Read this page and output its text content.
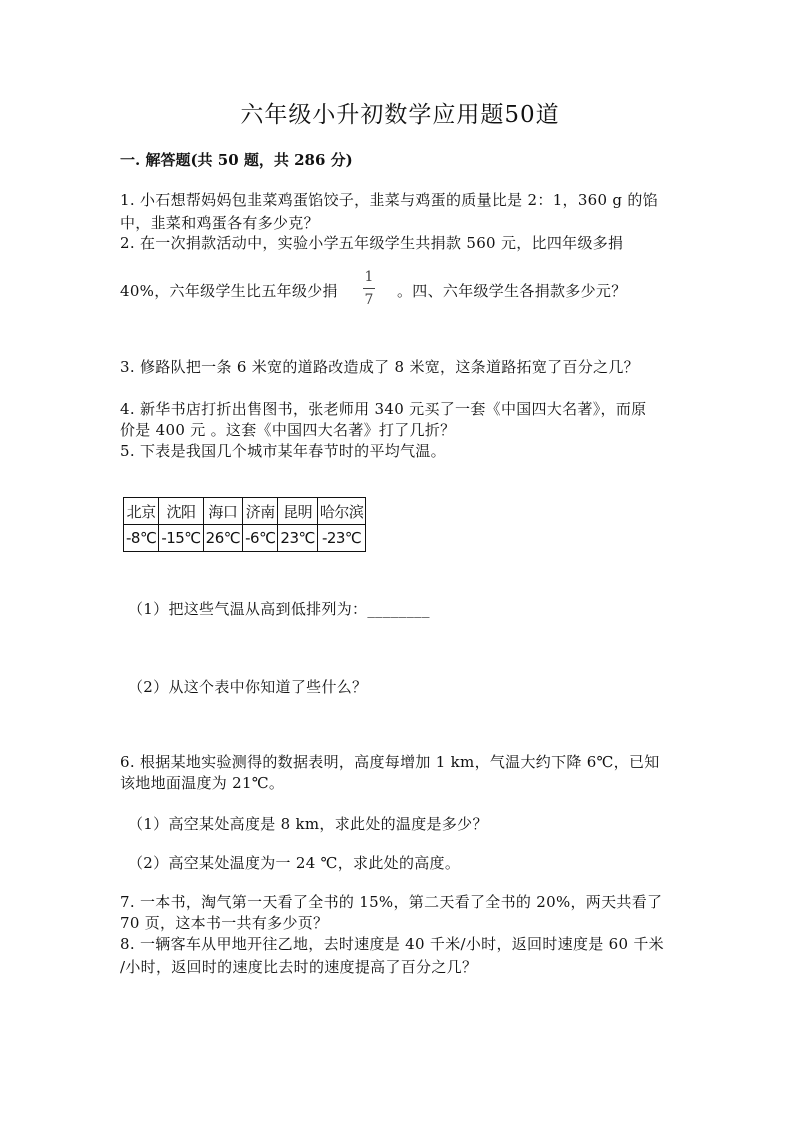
六年级小升初数学应用题50道
一. 解答题(共 50 题，共 286 分)
1. 小石想帮妈妈包韭菜鸡蛋馅饺子，韭菜与鸡蛋的质量比是 2：1，360 g 的馅
中，韭菜和鸡蛋各有多少克？
2. 在一次捐款活动中，实验小学五年级学生共捐款 560 元，比四年级多捐
40%，六年级学生比五年级少捐
1
7	。四、六年级学生各捐款多少元？
3. 修路队把一条 6 米宽的道路改造成了 8 米宽，这条道路拓宽了百分之几？
4. 新华书店打折出售图书，张老师用 340 元买了一套《中国四大名著》，而原
价是 400 元 。这套《中国四大名著》打了几折？
5. 下表是我国几个城市某年春节时的平均气温。
北京	沈阳	海口	济南	昆明	哈尔滨
-8℃	-15℃	26℃	-6℃	23℃	-23℃
（1）把这些气温从高到低排列为：________
（2）从这个表中你知道了些什么？
6. 根据某地实验测得的数据表明，高度每增加 1 km，气温大约下降 6℃，已知
该地地面温度为 21℃。
（1）高空某处高度是 8 km，求此处的温度是多少？
（2）高空某处温度为一 24 ℃，求此处的高度。
7. 一本书，淘气第一天看了全书的 15%，第二天看了全书的 20%，两天共看了
70 页，这本书一共有多少页？
8. 一辆客车从甲地开往乙地，去时速度是 40 千米/小时，返回时速度是 60 千米
/小时，返回时的速度比去时的速度提高了百分之几？
